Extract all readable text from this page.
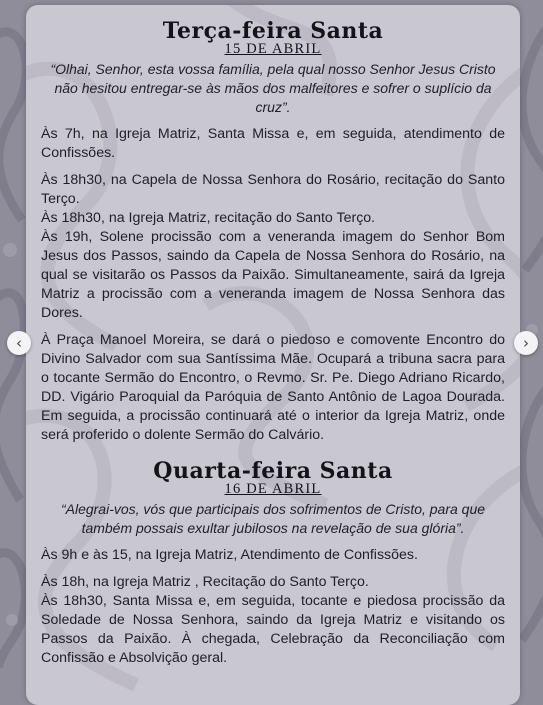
Terça-feira Santa
15 DE ABRIL
“Olhai, Senhor, esta vossa família, pela qual nosso Senhor Jesus Cristo não hesitou entregar-se às mãos dos malfeitores e sofrer o suplício da cruz”.
Às 7h, na Igreja Matriz, Santa Missa e, em seguida, atendimento de Confissões.
Às 18h30, na Capela de Nossa Senhora do Rosário, recitação do Santo Terço.
Às 18h30, na Igreja Matriz, recitação do Santo Terço.
Às 19h, Solene procissão com a veneranda imagem do Senhor Bom Jesus dos Passos, saindo da Capela de Nossa Senhora do Rosário, na qual se visitarão os Passos da Paixão. Simultaneamente, sairá da Igreja Matriz a procissão com a veneranda imagem de Nossa Senhora das Dores.
À Praça Manoel Moreira, se dará o piedoso e comovente Encontro do Divino Salvador com sua Santíssima Mãe. Ocupará a tribuna sacra para o tocante Sermão do Encontro, o Revmo. Sr. Pe. Diego Adriano Ricardo, DD. Vigário Paroquial da Paróquia de Santo Antônio de Lagoa Dourada. Em seguida, a procissão continuará até o interior da Igreja Matriz, onde será proferido o dolente Sermão do Calvário.
Quarta-feira Santa
16 DE ABRIL
“Alegrai-vos, vós que participais dos sofrimentos de Cristo, para que também possais exultar jubilosos na revelação de sua glória”.
Às 9h e às 15, na Igreja Matriz, Atendimento de Confissões.
Às 18h, na Igreja Matriz , Recitação do Santo Terço.
Às 18h30, Santa Missa e, em seguida, tocante e piedosa procissão da Soledade de Nossa Senhora, saindo da Igreja Matriz e visitando os Passos da Paixão. À chegada, Celebração da Reconciliação com Confissão e Absolvição geral.
‹	›
